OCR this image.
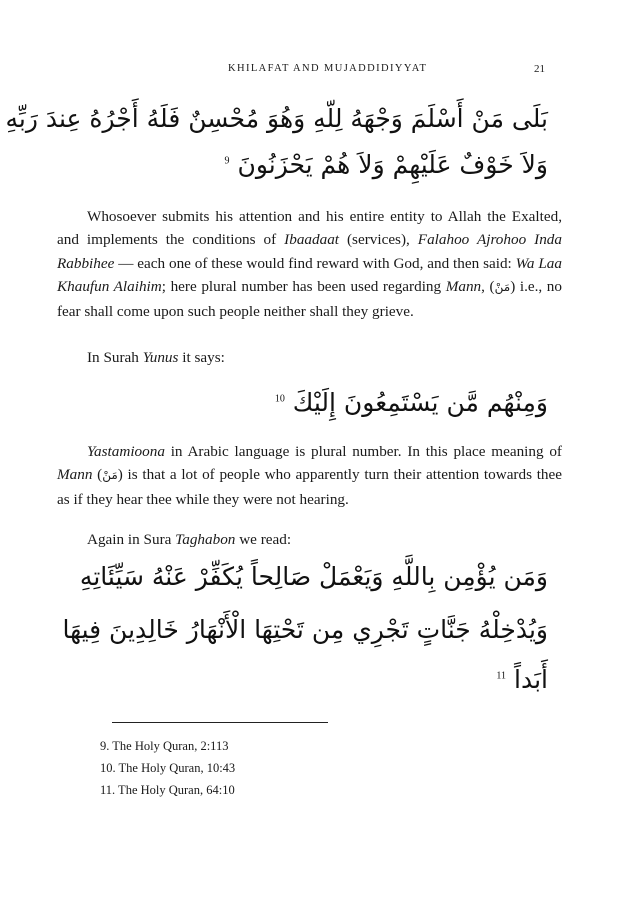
KHILAFAT AND MUJADDIDIYYAT	21
بَلَى مَنْ أَسْلَمَ وَجْهَهُ لِلّهِ وَهُوَ مُحْسِنٌ فَلَهُ أَجْرُهُ عِندَ رَبِّهِ
وَلاَ خَوْفٌ عَلَيْهِمْ وَلاَ هُمْ يَحْزَنُونَ $^9$

Whosoever submits his attention and his entire entity to Allah the Exalted, and implements the conditions of Ibaadaat (services), Falahoo Ajrohoo Inda Rabbihee — each one of these would find reward with God, and then said: Wa Laa Khaufun Alaihim; here plural number has been used regarding Mann, (مَنْ) i.e., no fear shall come upon such people neither shall they grieve.

In Surah Yunus it says:

وَمِنْهُم مَّن يَسْتَمِعُونَ إِلَيْكَ $^{10}$

Yastamioona in Arabic language is plural number. In this place meaning of Mann (مَنْ) is that a lot of people who apparently turn their attention towards thee as if they hear thee while they were not hearing.

Again in Sura Taghabon we read:

وَمَن يُؤْمِن بِاللَّهِ وَيَعْمَلْ صَالِحاً يُكَفِّرْ عَنْهُ سَيِّئَاتِهِ
وَيُدْخِلْهُ جَنَّاتٍ تَجْرِي مِن تَحْتِهَا الْأَنْهَارُ خَالِدِينَ فِيهَا
أَبَداً $^{11}$
9. The Holy Quran, 2:113
10. The Holy Quran, 10:43
11. The Holy Quran, 64:10
